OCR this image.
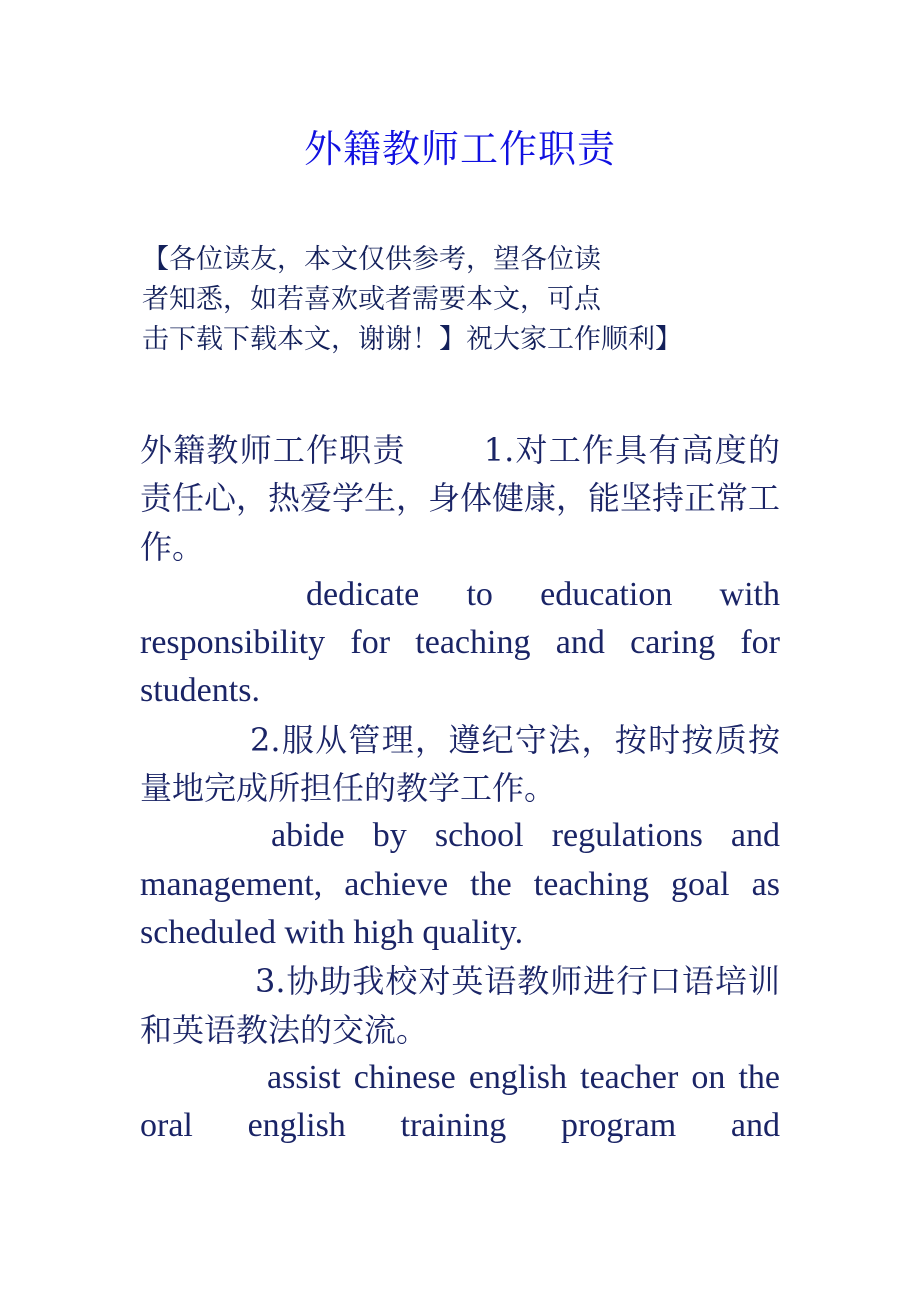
外籍教师工作职责
【各位读友，本文仅供参考，望各位读
者知悉，如若喜欢或者需要本文，可点
击下载下载本文，谢谢！】祝大家工作顺利】

外籍教师工作职责 1.对工作具有高度的责任心，热爱学生，身体健康，能坚持正常工作。

dedicate to education with responsibility for teaching and caring for students.

2.服从管理，遵纪守法，按时按质按量地完成所担任的教学工作。

abide by school regulations and management, achieve the teaching goal as scheduled with high quality.

3.协助我校对英语教师进行口语培训和英语教法的交流。

assist chinese english teacher on the oral english training program and
